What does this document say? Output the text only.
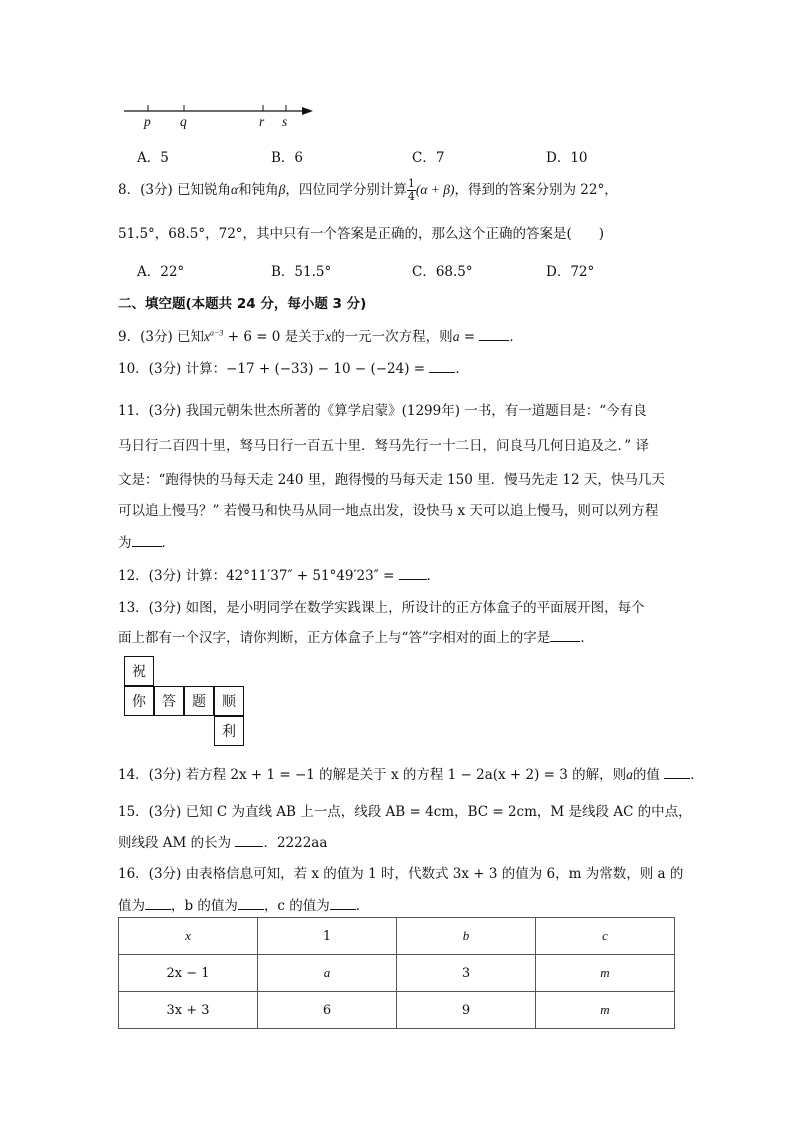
p q	r s
A．5	B．6	C．7	D．10
8．(3分) 已知锐角α和钝角β，四位同学分别计算 $\frac{1}{4} (\alpha + \beta)$，得到的答案分别为 22°，
51.5°，68.5°，72°，其中只有一个答案是正确的，那么这个正确的答案是(　　)
A．22°	B．51.5°	C．68.5°	D．72°
二、填空题(本题共 24 分，每小题 3 分)
9．(3分) 已知$x^{a-3} + 6 = 0$ 是关于x的一元一次方程，则a = ．
10．(3分) 计算：−17 + (−33) − 10 − (−24) = ．
11．(3分) 我国元朝朱世杰所著的《算学启蒙》(1299年) 一书，有一道题目是：“今有良
马日行二百四十里，驽马日行一百五十里．驽马先行一十二日，问良马几何日追及之．” 译
文是：“跑得快的马每天走 240 里，跑得慢的马每天走 150 里．慢马先走 12 天，快马几天
可以追上慢马？” 若慢马和快马从同一地点出发，设快马 x 天可以追上慢马，则可以列方程
为 ．
12．(3分) 计算：42°11′37″ + 51°49′23″ = ．
13．(3分) 如图，是小明同学在数学实践课上，所设计的正方体盒子的平面展开图，每个
面上都有一个汉字，请你判断，正方体盒子上与“答”字相对的面上的字是 ．
祝
你	答	题	顺
利
14．(3分) 若方程 2x + 1 = −1 的解是关于 x 的方程 1 − 2a(x + 2) = 3 的解，则a的值 ．
15．(3分) 已知 C 为直线 AB 上一点，线段 AB = 4cm，BC = 2cm，M 是线段 AC 的中点，
则线段 AM 的长为 ．2222aa
16．(3分) 由表格信息可知，若 x 的值为 1 时，代数式 3x + 3 的值为 6，m 为常数，则 a 的
值为 ，b 的值为 ，c 的值为 ．
x	1	b	c
2x − 1	a	3	m
3x + 3	6	9	m
